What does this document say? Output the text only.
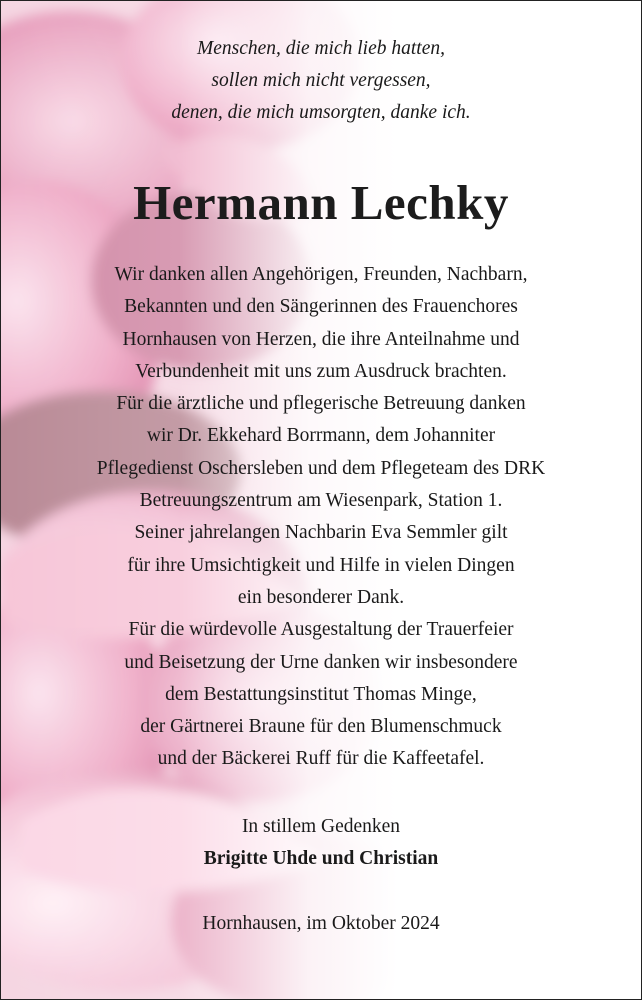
Menschen, die mich lieb hatten,
sollen mich nicht vergessen,
denen, die mich umsorgten, danke ich.
Hermann Lechky
Wir danken allen Angehörigen, Freunden, Nachbarn,
Bekannten und den Sängerinnen des Frauenchores
Hornhausen von Herzen, die ihre Anteilnahme und
Verbundenheit mit uns zum Ausdruck brachten.
Für die ärztliche und pflegerische Betreuung danken
wir Dr. Ekkehard Borrmann, dem Johanniter
Pflegedienst Oschersleben und dem Pflegeteam des DRK
Betreuungszentrum am Wiesenpark, Station 1.
Seiner jahrelangen Nachbarin Eva Semmler gilt
für ihre Umsichtigkeit und Hilfe in vielen Dingen
ein besonderer Dank.
Für die würdevolle Ausgestaltung der Trauerfeier
und Beisetzung der Urne danken wir insbesondere
dem Bestattungsinstitut Thomas Minge,
der Gärtnerei Braune für den Blumenschmuck
und der Bäckerei Ruff für die Kaffeetafel.
In stillem Gedenken
Brigitte Uhde und Christian
Hornhausen, im Oktober 2024
